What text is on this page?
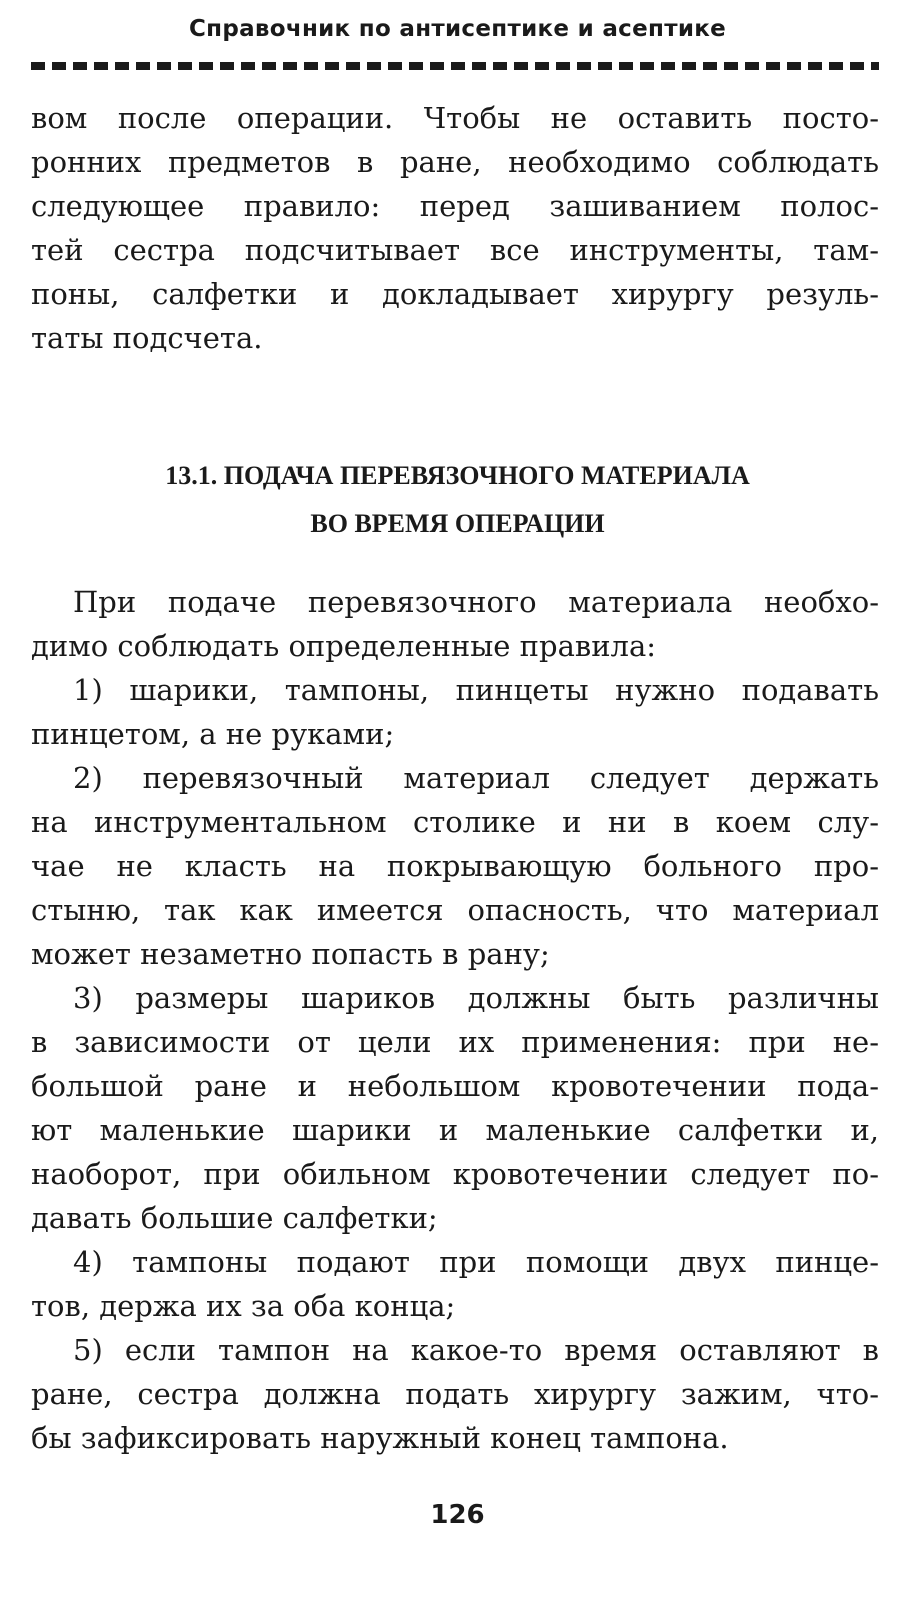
Справочник по антисептике и асептике
вом после операции. Чтобы не оставить посто-
ронних предметов в ране, необходимо соблюдать
следующее правило: перед зашиванием полос-
тей сестра подсчитывает все инструменты, там-
поны, салфетки и докладывает хирургу резуль-
таты подсчета.
13.1. ПОДАЧА ПЕРЕВЯЗОЧНОГО МАТЕРИАЛА
ВО ВРЕМЯ ОПЕРАЦИИ
При подаче перевязочного материала необхо-
димо соблюдать определенные правила:
1) шарики, тампоны, пинцеты нужно подавать
пинцетом, а не руками;
2) перевязочный материал следует держать
на инструментальном столике и ни в коем слу-
чае не класть на покрывающую больного про-
стыню, так как имеется опасность, что материал
может незаметно попасть в рану;
3) размеры шариков должны быть различны
в зависимости от цели их применения: при не-
большой ране и небольшом кровотечении пода-
ют маленькие шарики и маленькие салфетки и,
наоборот, при обильном кровотечении следует по-
давать большие салфетки;
4) тампоны подают при помощи двух пинце-
тов, держа их за оба конца;
5) если тампон на какое-то время оставляют в
ране, сестра должна подать хирургу зажим, что-
бы зафиксировать наружный конец тампона.
126
